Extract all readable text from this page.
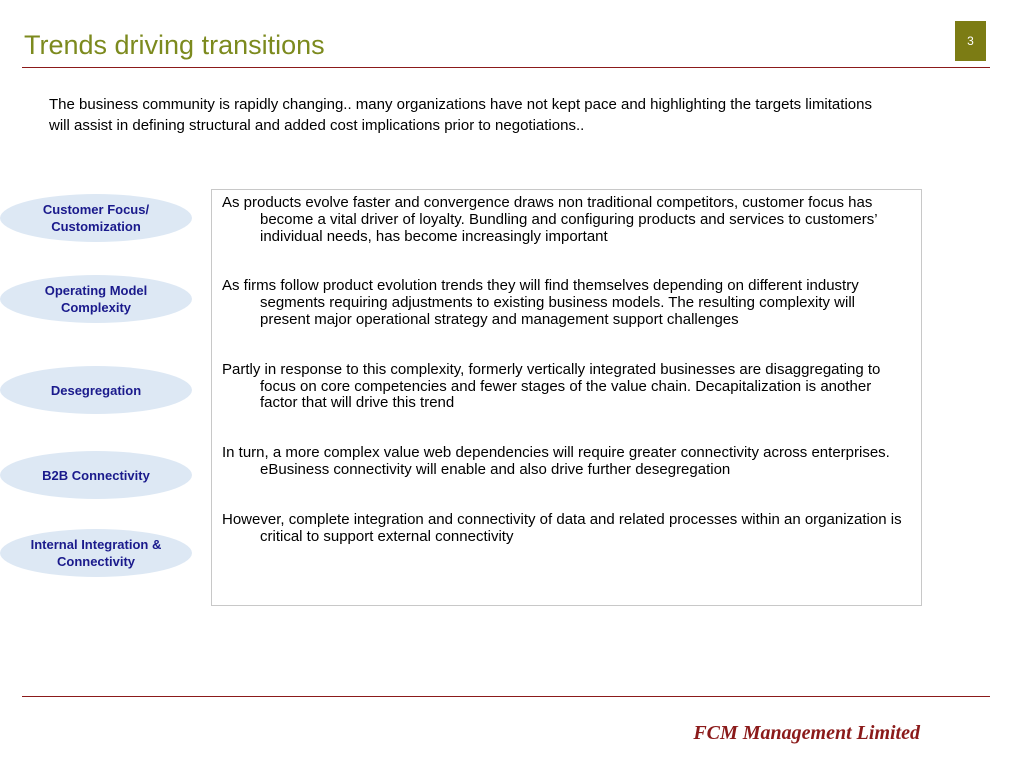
Trends driving transitions	3
The business community is rapidly changing.. many organizations have not kept pace and highlighting the targets limitations will assist in defining structural and added cost implications prior to negotiations..
Customer Focus/ Customization
Operating Model Complexity
Desegregation
B2B Connectivity
Internal Integration & Connectivity

As products evolve faster and convergence draws non traditional competitors, customer focus has become a vital driver of loyalty. Bundling and configuring products and services to customers’ individual needs, has become increasingly important

As firms follow product evolution trends they will find themselves depending on different industry segments requiring adjustments to existing business models. The resulting complexity will present major operational strategy and management support challenges

Partly in response to this complexity, formerly vertically integrated businesses are disaggregating to focus on core competencies and fewer stages of the value chain. Decapitalization is another factor that will drive this trend

In turn, a more complex value web dependencies will require greater connectivity across enterprises. eBusiness connectivity will enable and also drive further desegregation

However, complete integration and connectivity of data and related processes within an organization is critical to support external connectivity

FCM Management Limited
